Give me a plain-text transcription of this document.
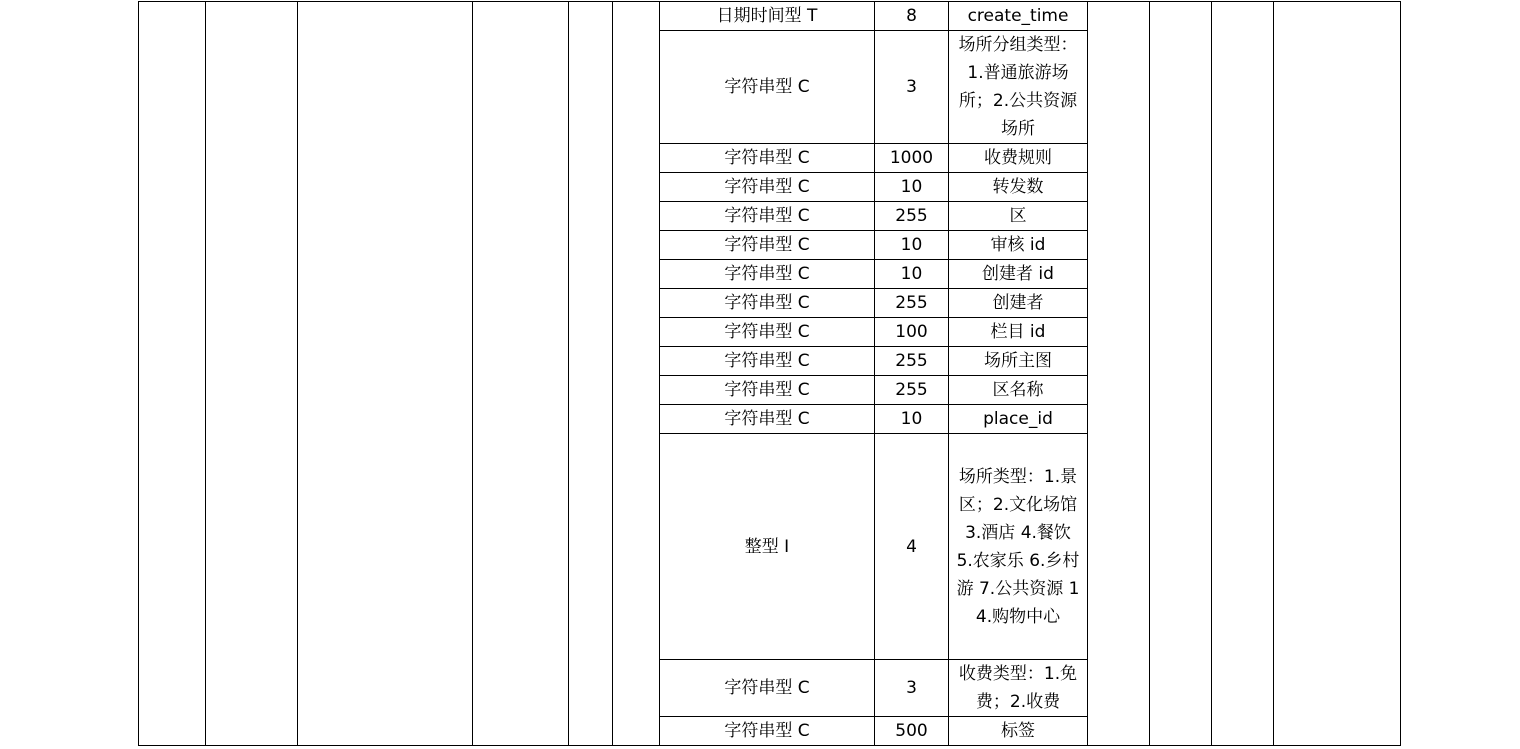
						日期时间型 T	8	create_time				
						字符串型 C	3	场所分组类型：1.普通旅游场所；2.公共资源场所				
						字符串型 C	1000	收费规则				
						字符串型 C	10	转发数				
						字符串型 C	255	区				
						字符串型 C	10	审核 id				
						字符串型 C	10	创建者 id				
						字符串型 C	255	创建者				
						字符串型 C	100	栏目 id				
						字符串型 C	255	场所主图				
						字符串型 C	255	区名称				
						字符串型 C	10	place_id				
						整型 I	4	场所类型：1.景区；2.文化场馆 3.酒店 4.餐饮 5.农家乐 6.乡村游 7.公共资源 14.购物中心				
						字符串型 C	3	收费类型：1.免费；2.收费				
						字符串型 C	500	标签				
